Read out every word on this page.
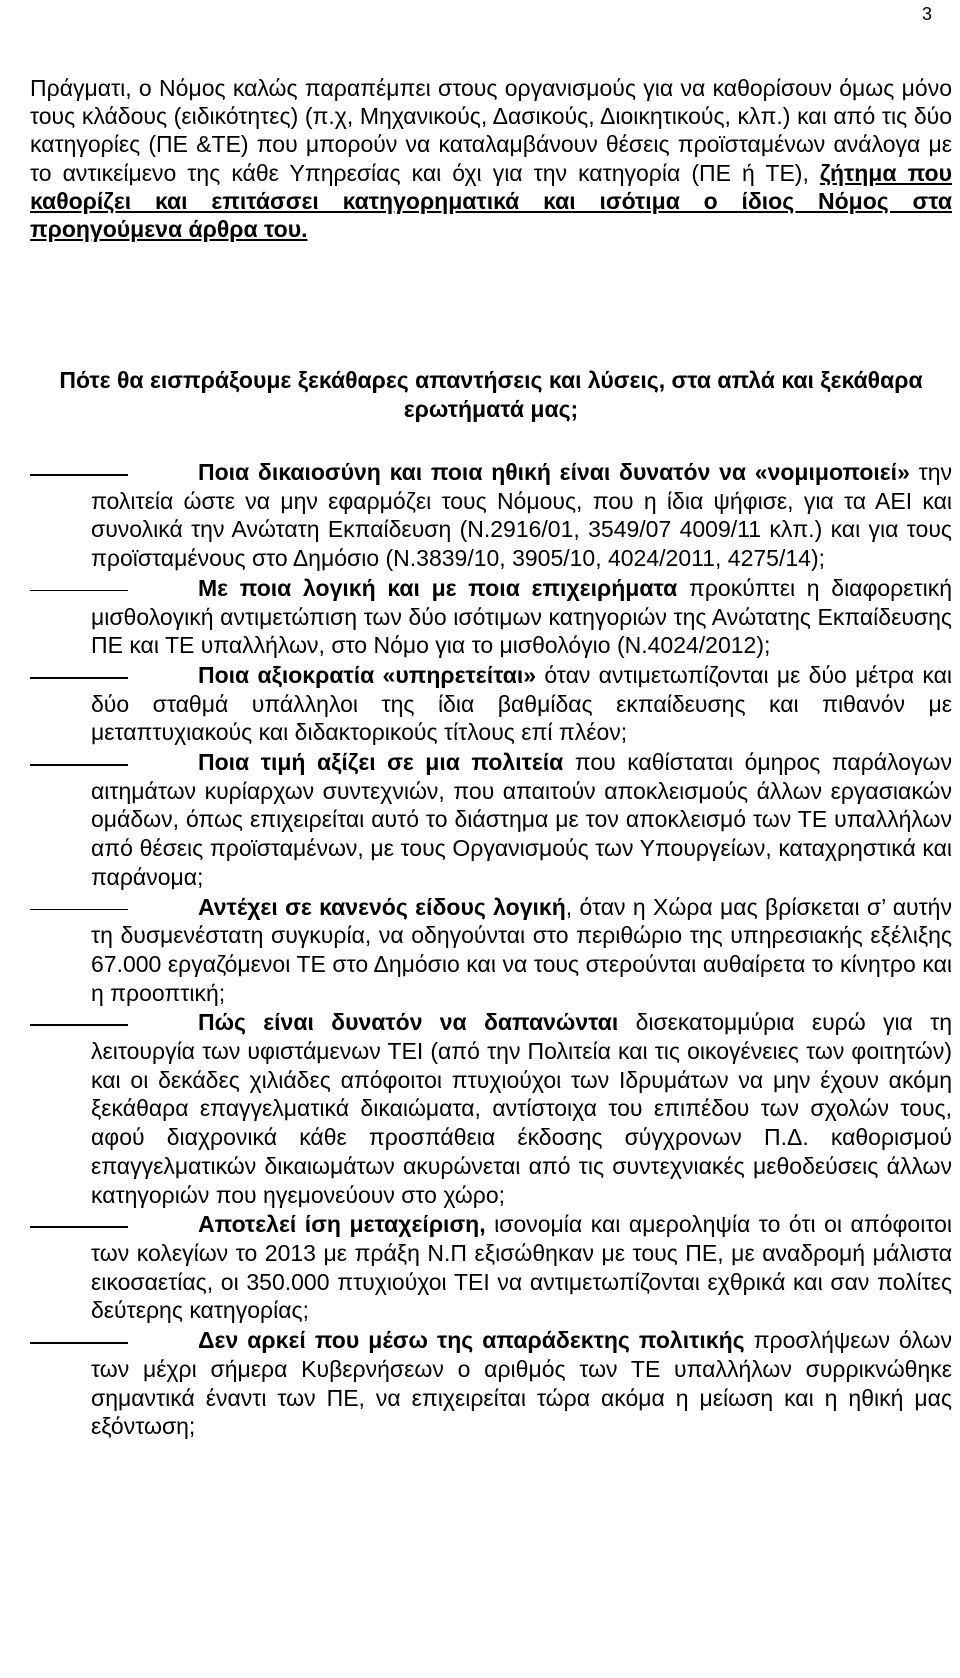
3
Πράγματι, ο Νόμος καλώς παραπέμπει στους οργανισμούς για να καθορίσουν όμως μόνο τους κλάδους (ειδικότητες) (π.χ, Μηχανικούς, Δασικούς, Διοικητικούς, κλπ.) και από τις δύο κατηγορίες (ΠΕ &ΤΕ) που μπορούν να καταλαμβάνουν θέσεις προϊσταμένων ανάλογα με το αντικείμενο της κάθε Υπηρεσίας και όχι για την κατηγορία (ΠΕ ή ΤΕ), ζήτημα που καθορίζει και επιτάσσει κατηγορηματικά και ισότιμα ο ίδιος Νόμος στα προηγούμενα άρθρα του.
Πότε θα εισπράξουμε ξεκάθαρες απαντήσεις και λύσεις, στα απλά και ξεκάθαρα ερωτήματά μας;
Ποια δικαιοσύνη και ποια ηθική είναι δυνατόν να «νομιμοποιεί» την πολιτεία ώστε να μην εφαρμόζει τους Νόμους, που η ίδια ψήφισε, για τα ΑΕΙ και συνολικά την Ανώτατη Εκπαίδευση (Ν.2916/01, 3549/07 4009/11 κλπ.) και για τους προϊσταμένους στο Δημόσιο (Ν.3839/10, 3905/10, 4024/2011, 4275/14);
Με ποια λογική και με ποια επιχειρήματα προκύπτει η διαφορετική μισθολογική αντιμετώπιση των δύο ισότιμων κατηγοριών της Ανώτατης Εκπαίδευσης ΠΕ και ΤΕ υπαλλήλων, στο Νόμο για το μισθολόγιο (Ν.4024/2012);
Ποια αξιοκρατία «υπηρετείται» όταν αντιμετωπίζονται με δύο μέτρα και δύο σταθμά υπάλληλοι της ίδια βαθμίδας εκπαίδευσης και πιθανόν με μεταπτυχιακούς και διδακτορικούς τίτλους επί πλέον;
Ποια τιμή αξίζει σε μια πολιτεία που καθίσταται όμηρος παράλογων αιτημάτων κυρίαρχων συντεχνιών, που απαιτούν αποκλεισμούς άλλων εργασιακών ομάδων, όπως επιχειρείται αυτό το διάστημα με τον αποκλεισμό των ΤΕ υπαλλήλων από θέσεις προϊσταμένων, με τους Οργανισμούς των Υπουργείων, καταχρηστικά και παράνομα;
Αντέχει σε κανενός είδους λογική, όταν η Χώρα μας βρίσκεται σ’ αυτήν τη δυσμενέστατη συγκυρία, να οδηγούνται στο περιθώριο της υπηρεσιακής εξέλιξης 67.000 εργαζόμενοι ΤΕ στο Δημόσιο και να τους στερούνται αυθαίρετα το κίνητρο και η προοπτική;
Πώς είναι δυνατόν να δαπανώνται δισεκατομμύρια ευρώ για τη λειτουργία των υφιστάμενων ΤΕΙ (από την Πολιτεία και τις οικογένειες των φοιτητών) και οι δεκάδες χιλιάδες απόφοιτοι πτυχιούχοι των Ιδρυμάτων να μην έχουν ακόμη ξεκάθαρα επαγγελματικά δικαιώματα, αντίστοιχα του επιπέδου των σχολών τους, αφού διαχρονικά κάθε προσπάθεια έκδοσης σύγχρονων Π.Δ. καθορισμού επαγγελματικών δικαιωμάτων ακυρώνεται από τις συντεχνιακές μεθοδεύσεις άλλων κατηγοριών που ηγεμονεύουν στο χώρο;
Αποτελεί ίση μεταχείριση, ισονομία και αμεροληψία το ότι οι απόφοιτοι των κολεγίων το 2013 με πράξη Ν.Π εξισώθηκαν με τους ΠΕ, με αναδρομή μάλιστα εικοσαετίας, οι 350.000 πτυχιούχοι ΤΕΙ να αντιμετωπίζονται εχθρικά και σαν πολίτες δεύτερης κατηγορίας;
Δεν αρκεί που μέσω της απαράδεκτης πολιτικής προσλήψεων όλων των μέχρι σήμερα Κυβερνήσεων ο αριθμός των ΤΕ υπαλλήλων συρρικνώθηκε σημαντικά έναντι των ΠΕ, να επιχειρείται τώρα ακόμα η μείωση και η ηθική μας εξόντωση;
